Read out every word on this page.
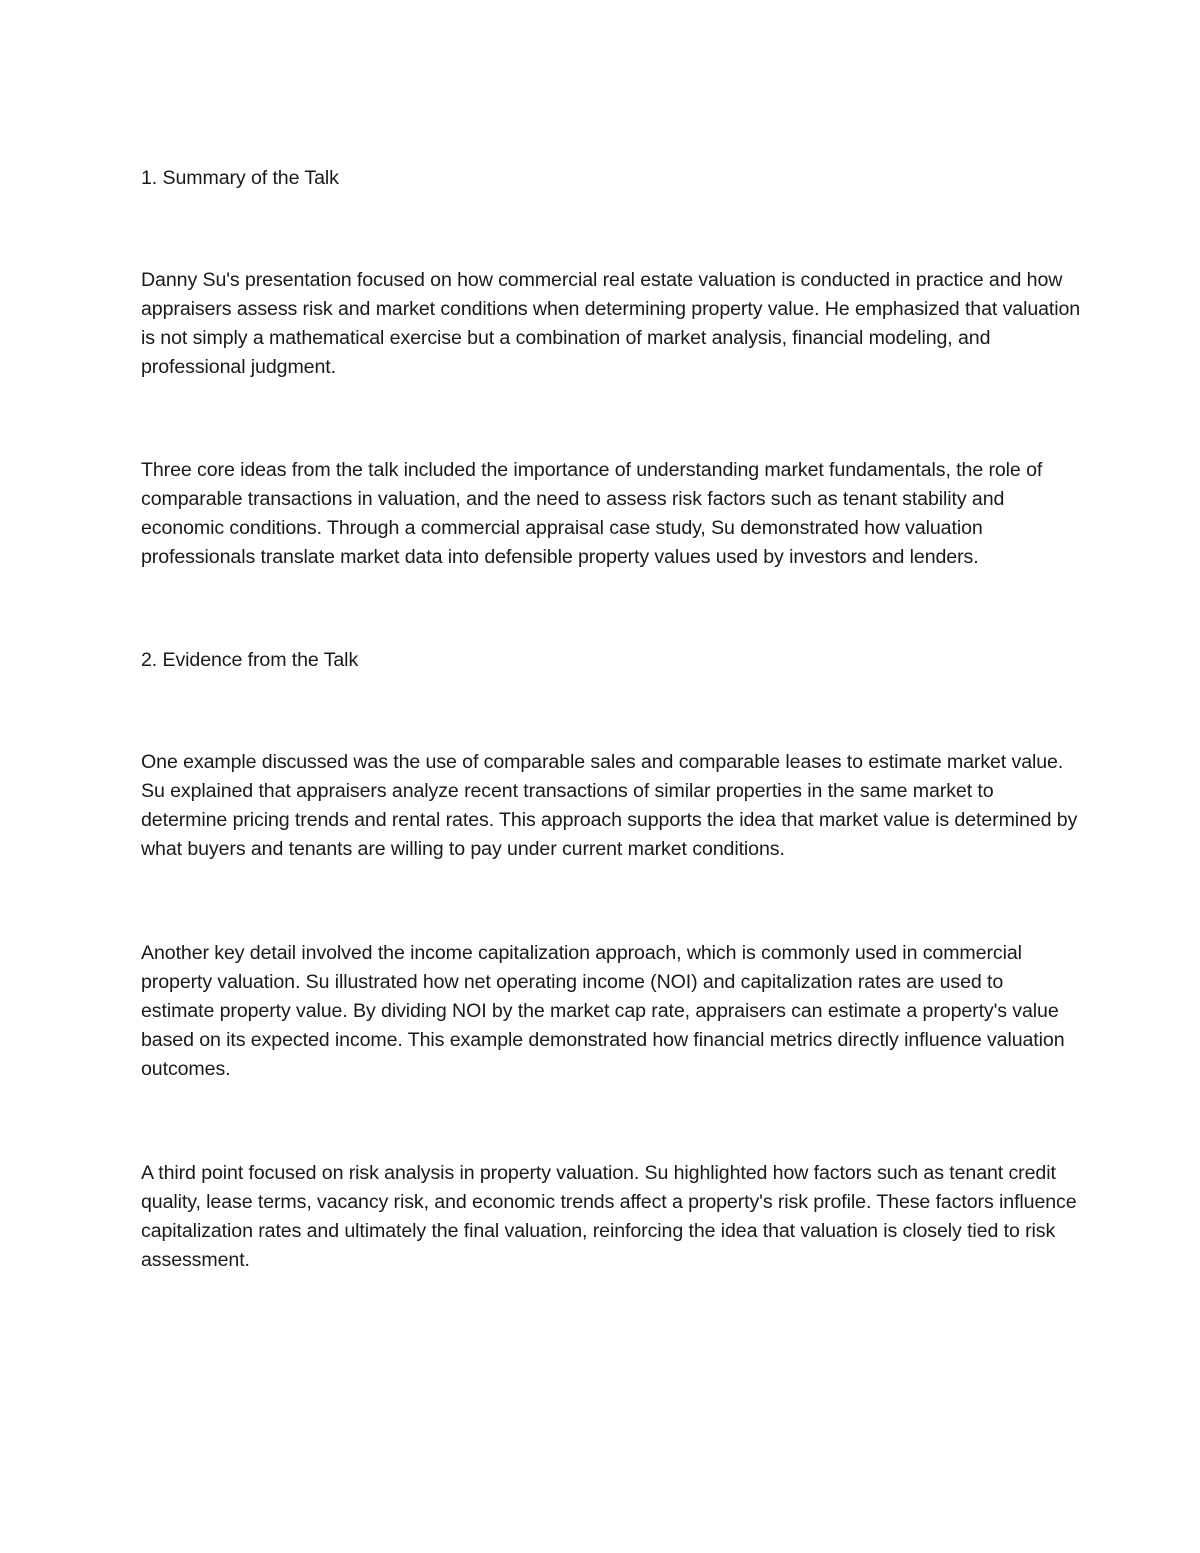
1. Summary of the Talk

Danny Su's presentation focused on how commercial real estate valuation is conducted in practice and how appraisers assess risk and market conditions when determining property value. He emphasized that valuation is not simply a mathematical exercise but a combination of market analysis, financial modeling, and professional judgment.

Three core ideas from the talk included the importance of understanding market fundamentals, the role of comparable transactions in valuation, and the need to assess risk factors such as tenant stability and economic conditions. Through a commercial appraisal case study, Su demonstrated how valuation professionals translate market data into defensible property values used by investors and lenders.

2. Evidence from the Talk

One example discussed was the use of comparable sales and comparable leases to estimate market value. Su explained that appraisers analyze recent transactions of similar properties in the same market to determine pricing trends and rental rates. This approach supports the idea that market value is determined by what buyers and tenants are willing to pay under current market conditions.

Another key detail involved the income capitalization approach, which is commonly used in commercial property valuation. Su illustrated how net operating income (NOI) and capitalization rates are used to estimate property value. By dividing NOI by the market cap rate, appraisers can estimate a property's value based on its expected income. This example demonstrated how financial metrics directly influence valuation outcomes.

A third point focused on risk analysis in property valuation. Su highlighted how factors such as tenant credit quality, lease terms, vacancy risk, and economic trends affect a property's risk profile. These factors influence capitalization rates and ultimately the final valuation, reinforcing the idea that valuation is closely tied to risk assessment.
